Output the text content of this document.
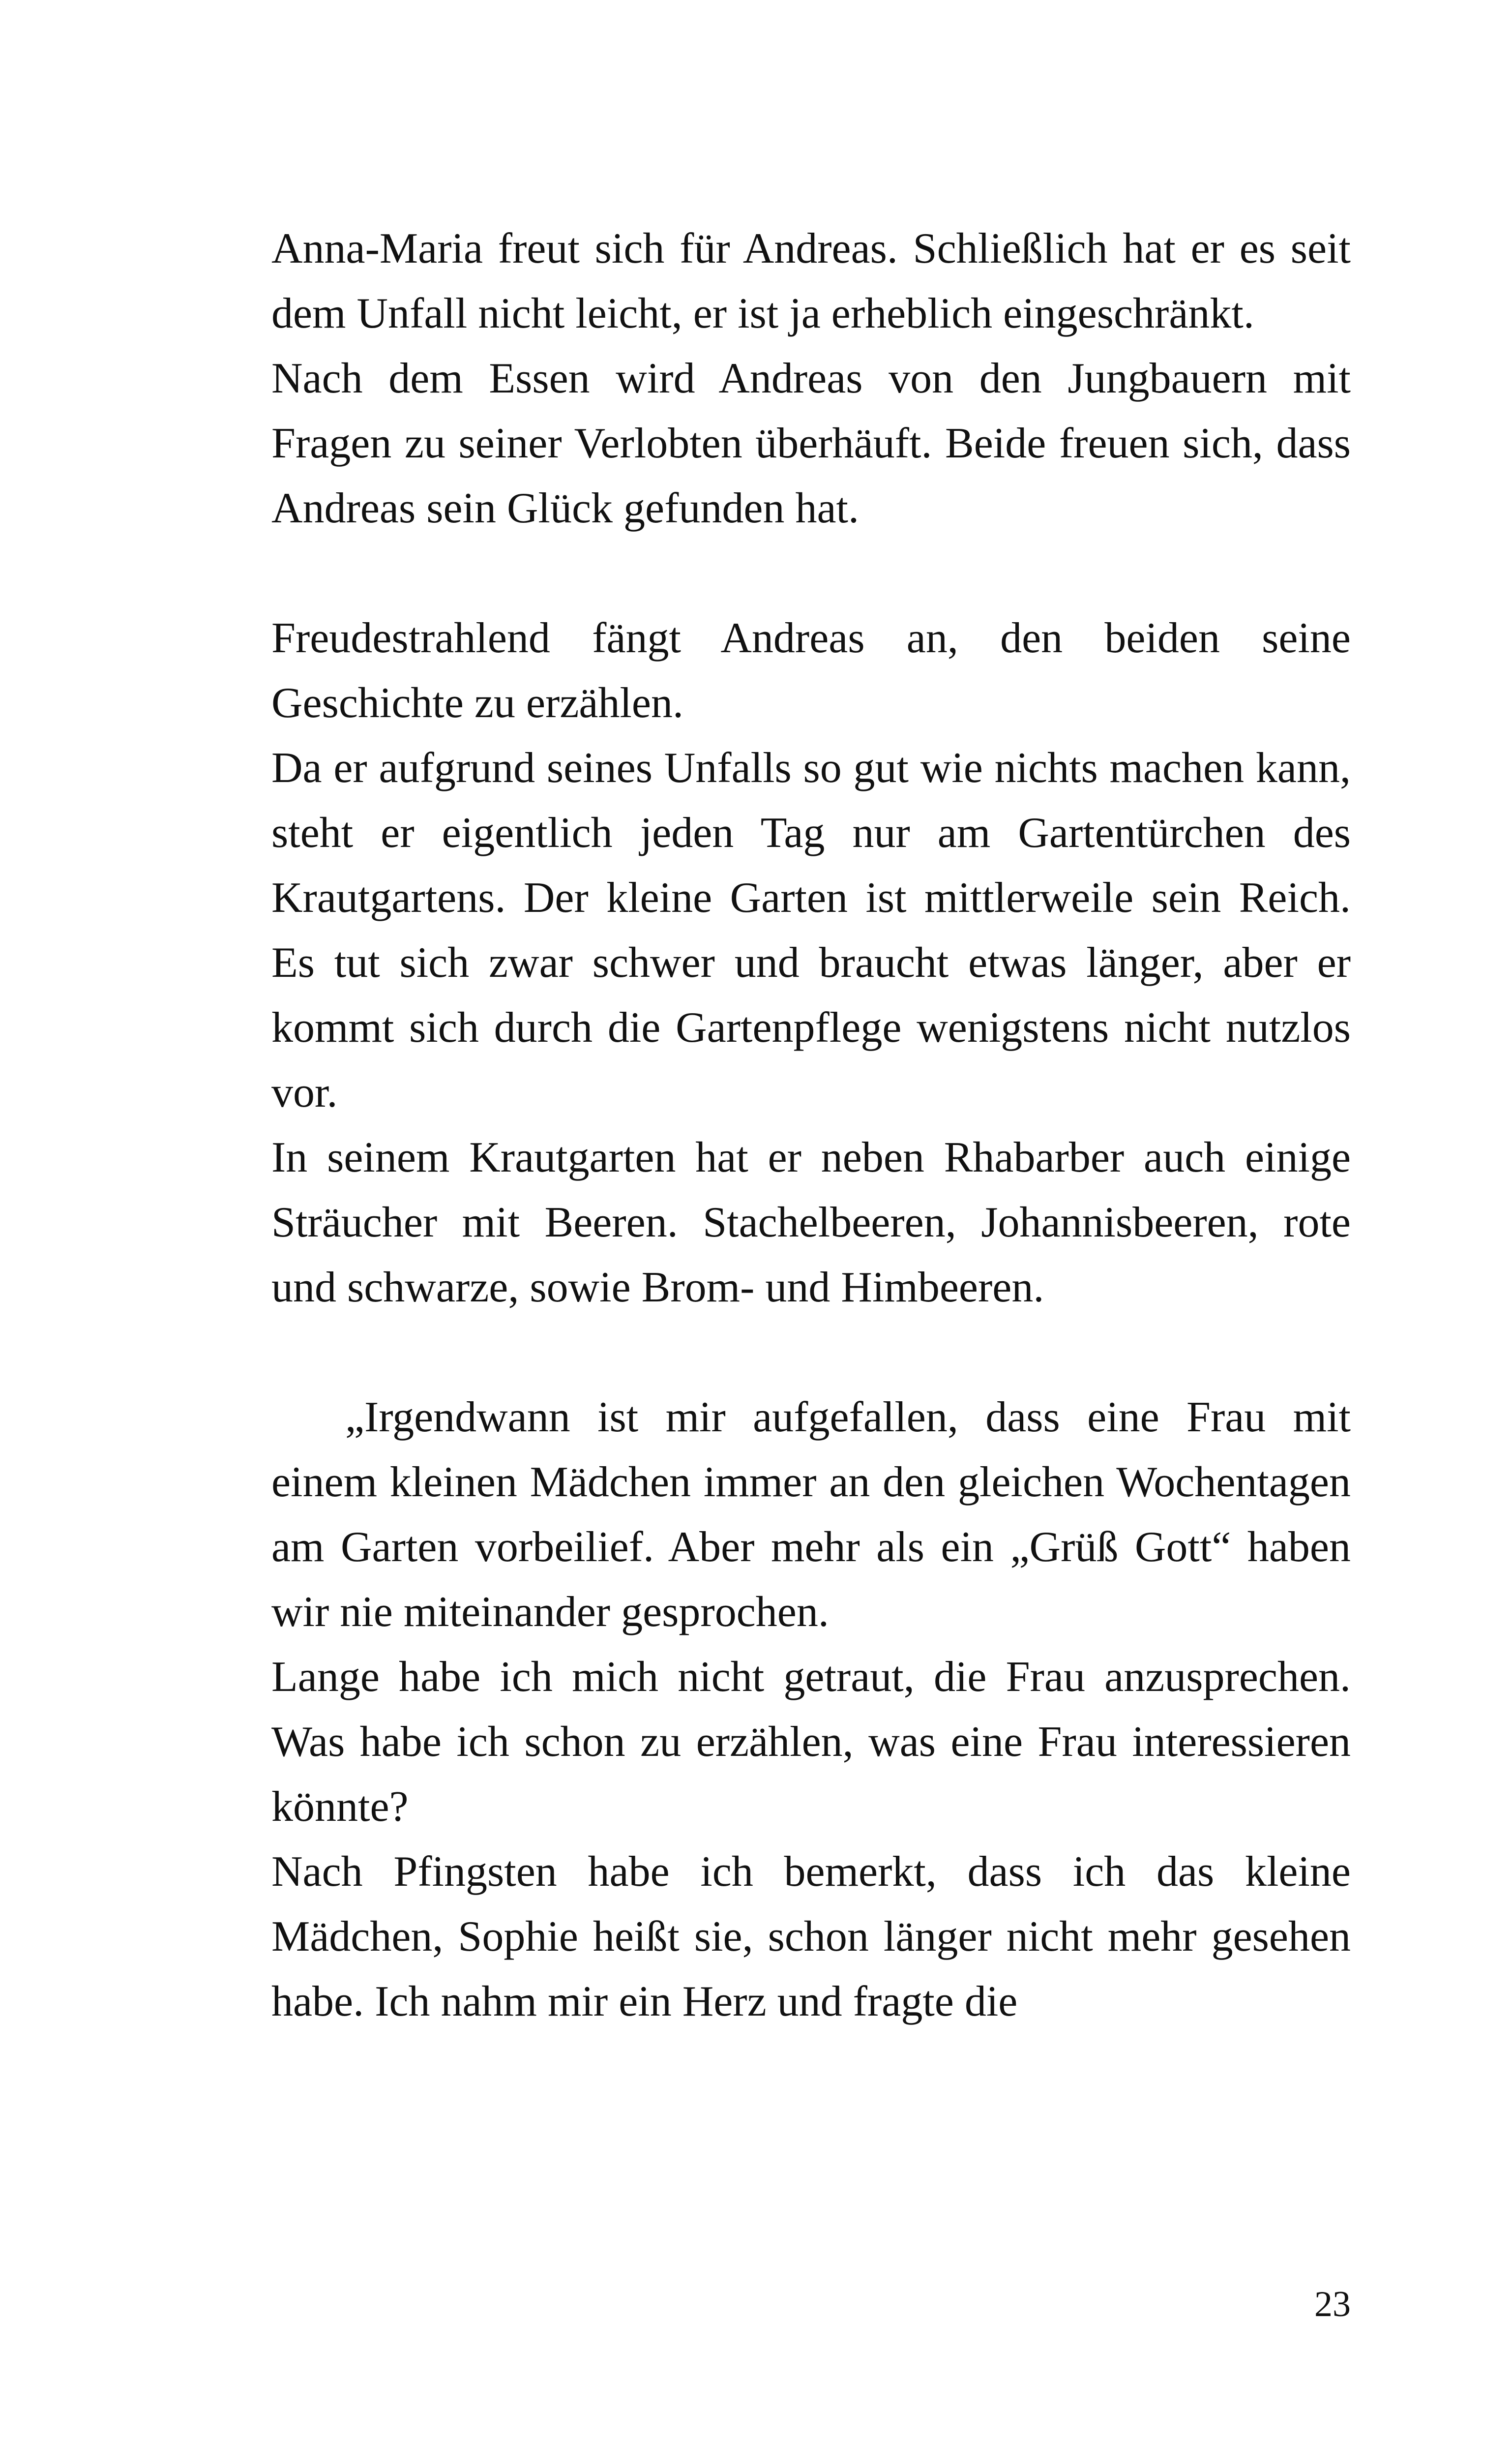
Anna-Maria freut sich für Andreas. Schließlich hat er es seit dem Unfall nicht leicht, er ist ja erheblich eingeschränkt.

Nach dem Essen wird Andreas von den Jungbauern mit Fragen zu seiner Verlobten überhäuft. Beide freuen sich, dass Andreas sein Glück gefunden hat.

Freudestrahlend fängt Andreas an, den beiden seine Geschichte zu erzählen.

Da er aufgrund seines Unfalls so gut wie nichts machen kann, steht er eigentlich jeden Tag nur am Gartentürchen des Krautgartens. Der kleine Garten ist mittlerweile sein Reich. Es tut sich zwar schwer und braucht etwas länger, aber er kommt sich durch die Gartenpflege wenigstens nicht nutzlos vor.

In seinem Krautgarten hat er neben Rhabarber auch einige Sträucher mit Beeren. Stachelbeeren, Johannisbeeren, rote und schwarze, sowie Brom- und Himbeeren.

„Irgendwann ist mir aufgefallen, dass eine Frau mit einem kleinen Mädchen immer an den gleichen Wochentagen am Garten vorbeilief. Aber mehr als ein „Grüß Gott“ haben wir nie miteinander gesprochen.

Lange habe ich mich nicht getraut, die Frau anzusprechen. Was habe ich schon zu erzählen, was eine Frau interessieren könnte?

Nach Pfingsten habe ich bemerkt, dass ich das kleine Mädchen, Sophie heißt sie, schon länger nicht mehr gesehen habe. Ich nahm mir ein Herz und fragte die

23
